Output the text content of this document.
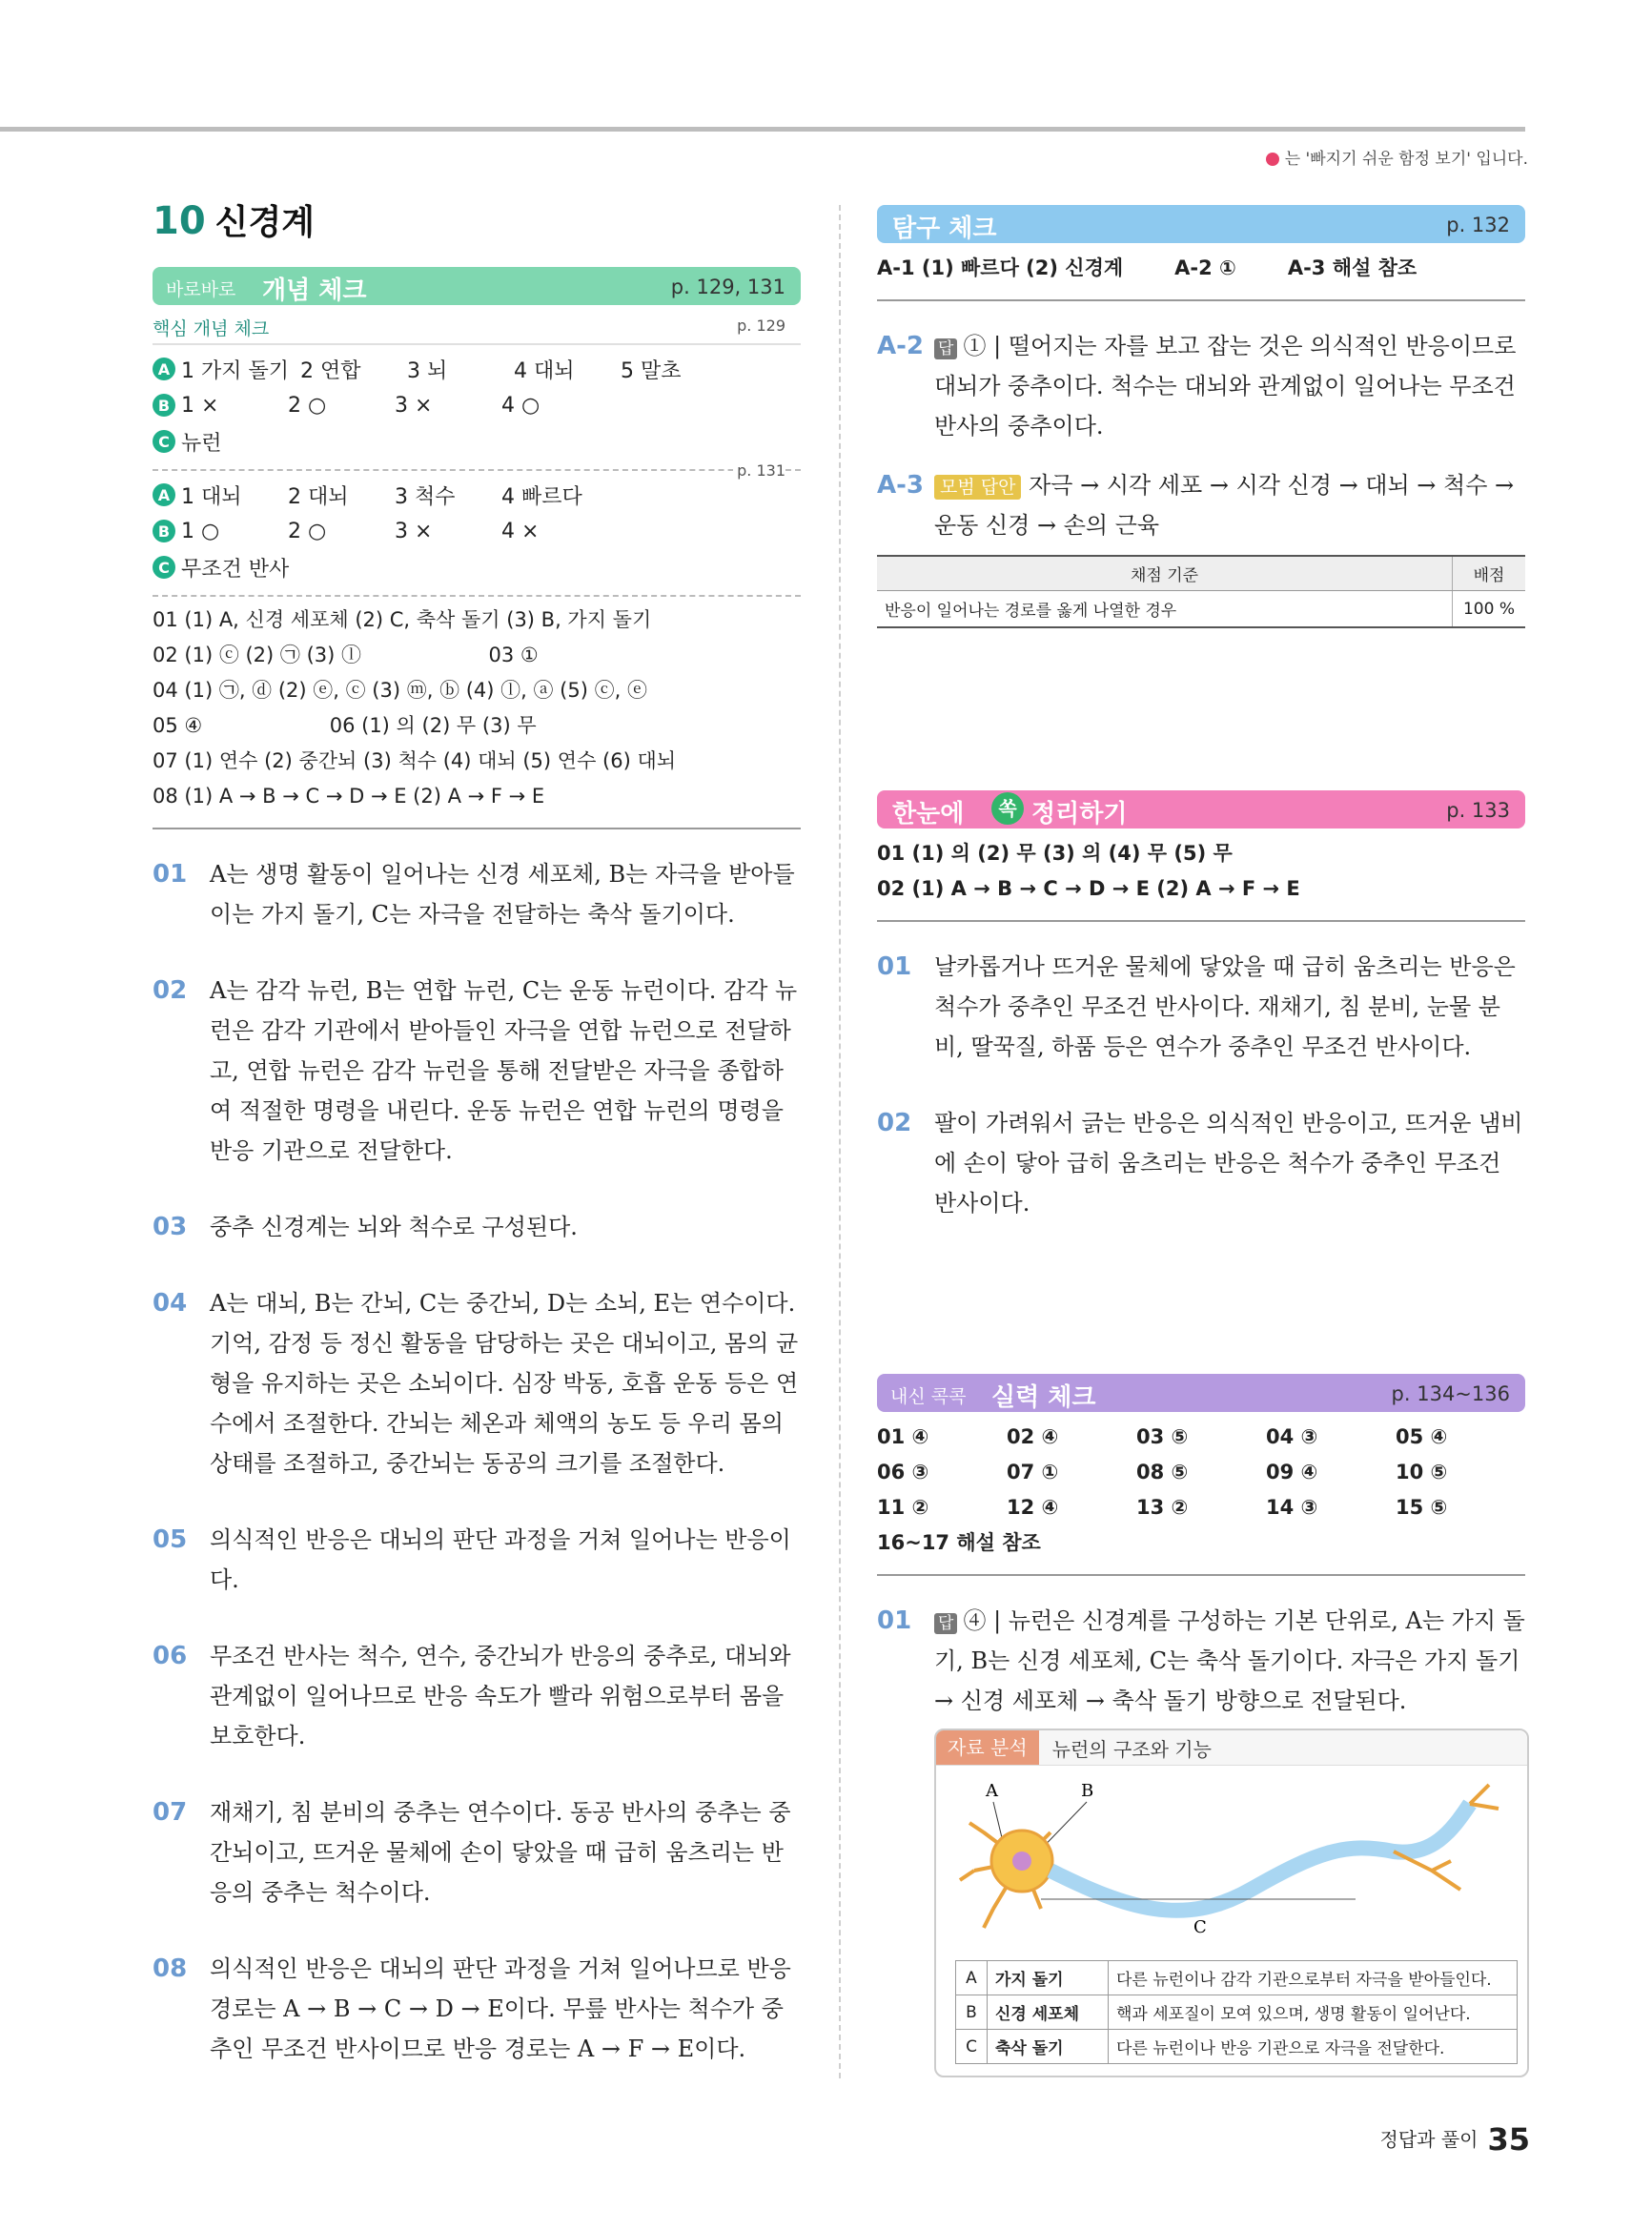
는 '빠지기 쉬운 함정 보기' 입니다.
10 신경계
바로바로 개념 체크	p. 129, 131
핵심 개념 체크	p. 129
A 1 가지 돌기 2 연합	3 뇌	4 대뇌	5 말초
B 1 ×	2 ○	3 ×	4 ○
C 뉴런
p. 131
A 1 대뇌	2 대뇌	3 척수	4 빠르다
B 1 ○	2 ○	3 ×	4 ×
C 무조건 반사
01 (1) A, 신경 세포체 (2) C, 축삭 돌기 (3) B, 가지 돌기
02 (1) ⓒ (2) ㉠ (3) ⓛ                    03 ①
04 (1) ㉠, ⓓ (2) ⓔ, ⓒ (3) ⓜ, ⓑ (4) ⓛ, ⓐ (5) ⓒ, ⓔ
05 ④                    06 (1) 의 (2) 무 (3) 무
07 (1) 연수 (2) 중간뇌 (3) 척수 (4) 대뇌 (5) 연수 (6) 대뇌
08 (1) A → B → C → D → E (2) A → F → E
01 A는 생명 활동이 일어나는 신경 세포체, B는 자극을 받아들이는 가지 돌기, C는 자극을 전달하는 축삭 돌기이다.
02 A는 감각 뉴런, B는 연합 뉴런, C는 운동 뉴런이다. 감각 뉴런은 감각 기관에서 받아들인 자극을 연합 뉴런으로 전달하고, 연합 뉴런은 감각 뉴런을 통해 전달받은 자극을 종합하여 적절한 명령을 내린다. 운동 뉴런은 연합 뉴런의 명령을 반응 기관으로 전달한다.
03 중추 신경계는 뇌와 척수로 구성된다.
04 A는 대뇌, B는 간뇌, C는 중간뇌, D는 소뇌, E는 연수이다. 기억, 감정 등 정신 활동을 담당하는 곳은 대뇌이고, 몸의 균형을 유지하는 곳은 소뇌이다. 심장 박동, 호흡 운동 등은 연수에서 조절한다. 간뇌는 체온과 체액의 농도 등 우리 몸의 상태를 조절하고, 중간뇌는 동공의 크기를 조절한다.
05 의식적인 반응은 대뇌의 판단 과정을 거쳐 일어나는 반응이다.
06 무조건 반사는 척수, 연수, 중간뇌가 반응의 중추로, 대뇌와 관계없이 일어나므로 반응 속도가 빨라 위험으로부터 몸을 보호한다.
07 재채기, 침 분비의 중추는 연수이다. 동공 반사의 중추는 중간뇌이고, 뜨거운 물체에 손이 닿았을 때 급히 움츠리는 반응의 중추는 척수이다.
08 의식적인 반응은 대뇌의 판단 과정을 거쳐 일어나므로 반응 경로는 A → B → C → D → E이다. 무릎 반사는 척수가 중추인 무조건 반사이므로 반응 경로는 A → F → E이다.
탐구 체크	p. 132
A-1 (1) 빠르다 (2) 신경계	A-2 ①	A-3 해설 참조
A-2 답 ① | 떨어지는 자를 보고 잡는 것은 의식적인 반응이므로 대뇌가 중추이다. 척수는 대뇌와 관계없이 일어나는 무조건 반사의 중추이다.
A-3 모범 답안 자극 → 시각 세포 → 시각 신경 → 대뇌 → 척수 → 운동 신경 → 손의 근육
채점 기준	배점
반응이 일어나는 경로를 옳게 나열한 경우	100 %
한눈에	쏙 정리하기	p. 133
01 (1) 의 (2) 무 (3) 의 (4) 무 (5) 무
02 (1) A → B → C → D → E (2) A → F → E
01 날카롭거나 뜨거운 물체에 닿았을 때 급히 움츠리는 반응은 척수가 중추인 무조건 반사이다. 재채기, 침 분비, 눈물 분비, 딸꾹질, 하품 등은 연수가 중추인 무조건 반사이다.
02 팔이 가려워서 긁는 반응은 의식적인 반응이고, 뜨거운 냄비에 손이 닿아 급히 움츠리는 반응은 척수가 중추인 무조건 반사이다.
내신 콕콕 실력 체크	p. 134~136
01 ④	02 ④	03 ⑤	04 ③	05 ④
06 ③	07 ①	08 ⑤	09 ④	10 ⑤
11 ②	12 ④	13 ②	14 ③	15 ⑤
16~17 해설 참조
01	답 ④ | 뉴런은 신경계를 구성하는 기본 단위로, A는 가지 돌기, B는 신경 세포체, C는 축삭 돌기이다. 자극은 가지 돌기 → 신경 세포체 → 축삭 돌기 방향으로 전달된다.
자료 분석	뉴런의 구조와 기능
A	B
C
A	가지 돌기	다른 뉴런이나 감각 기관으로부터 자극을 받아들인다.
B	신경 세포체	핵과 세포질이 모여 있으며, 생명 활동이 일어난다.
C	축삭 돌기	다른 뉴런이나 반응 기관으로 자극을 전달한다.
정답과 풀이 35
